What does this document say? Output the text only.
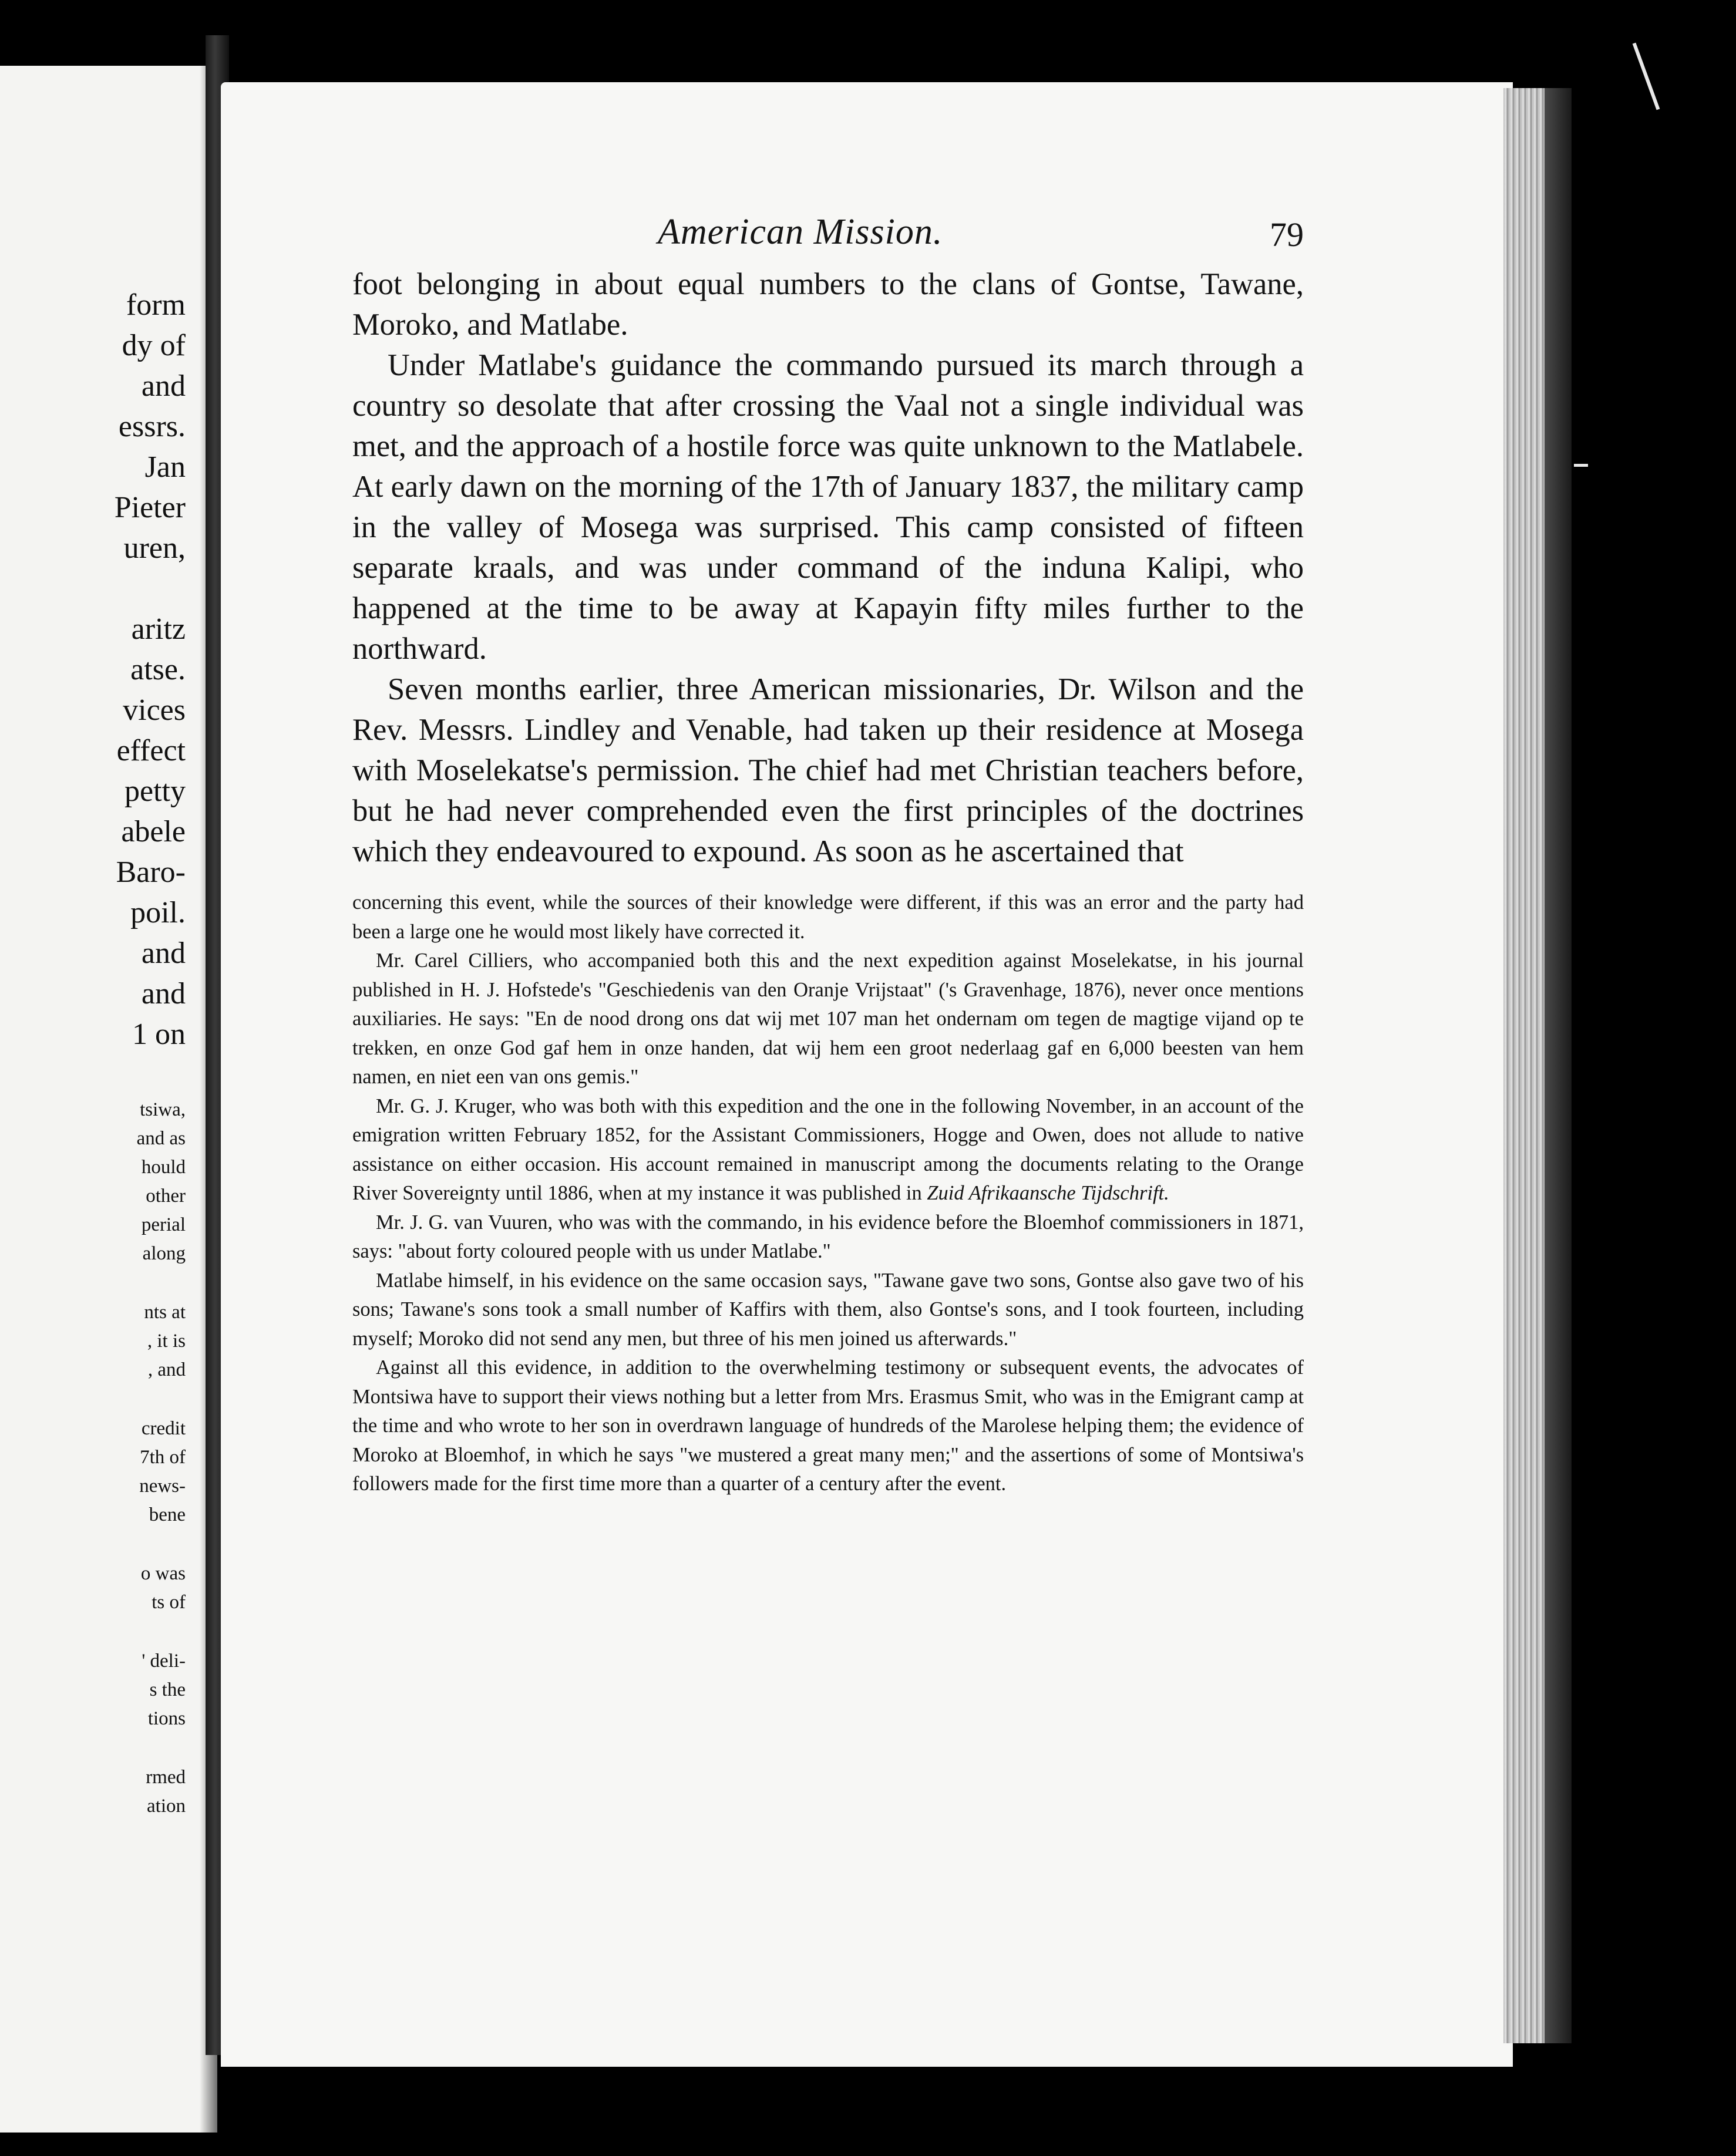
form
dy of
and
essrs.
Jan
Pieter
uren,
aritz
atse.
vices
effect
petty
abele
Baro-
poil.
and
and
1 on
tsiwa,
and as
hould
other
perial
along
nts at
, it is
, and
credit
7th of
news-
bene
o was
ts of
' deli-
s the
tions
rmed
ation
American Mission.	79

foot belonging in about equal numbers to the clans of Gontse, Tawane, Moroko, and Matlabe.

Under Matlabe's guidance the commando pursued its march through a country so desolate that after crossing the Vaal not a single individual was met, and the approach of a hostile force was quite unknown to the Matlabele. At early dawn on the morning of the 17th of January 1837, the military camp in the valley of Mosega was surprised. This camp consisted of fifteen separate kraals, and was under command of the induna Kalipi, who happened at the time to be away at Kapayin fifty miles further to the northward.

Seven months earlier, three American missionaries, Dr. Wilson and the Rev. Messrs. Lindley and Venable, had taken up their residence at Mosega with Moselekatse's permission. The chief had met Christian teachers before, but he had never comprehended even the first principles of the doctrines which they endeavoured to expound. As soon as he ascertained that

concerning this event, while the sources of their knowledge were different, if this was an error and the party had been a large one he would most likely have corrected it.

Mr. Carel Cilliers, who accompanied both this and the next expedition against Moselekatse, in his journal published in H. J. Hofstede's "Geschiedenis van den Oranje Vrijstaat" ('s Gravenhage, 1876), never once mentions auxiliaries. He says: "En de nood drong ons dat wij met 107 man het ondernam om tegen de magtige vijand op te trekken, en onze God gaf hem in onze handen, dat wij hem een groot nederlaag gaf en 6,000 beesten van hem namen, en niet een van ons gemis."

Mr. G. J. Kruger, who was both with this expedition and the one in the following November, in an account of the emigration written February 1852, for the Assistant Commissioners, Hogge and Owen, does not allude to native assistance on either occasion. His account remained in manuscript among the documents relating to the Orange River Sovereignty until 1886, when at my instance it was published in Zuid Afrikaansche Tijdschrift.

Mr. J. G. van Vuuren, who was with the commando, in his evidence before the Bloemhof commissioners in 1871, says: "about forty coloured people with us under Matlabe."

Matlabe himself, in his evidence on the same occasion says, "Tawane gave two sons, Gontse also gave two of his sons; Tawane's sons took a small number of Kaffirs with them, also Gontse's sons, and I took fourteen, including myself; Moroko did not send any men, but three of his men joined us afterwards."

Against all this evidence, in addition to the overwhelming testimony or subsequent events, the advocates of Montsiwa have to support their views nothing but a letter from Mrs. Erasmus Smit, who was in the Emigrant camp at the time and who wrote to her son in overdrawn language of hundreds of the Marolese helping them; the evidence of Moroko at Bloemhof, in which he says "we mustered a great many men;" and the assertions of some of Montsiwa's followers made for the first time more than a quarter of a century after the event.
